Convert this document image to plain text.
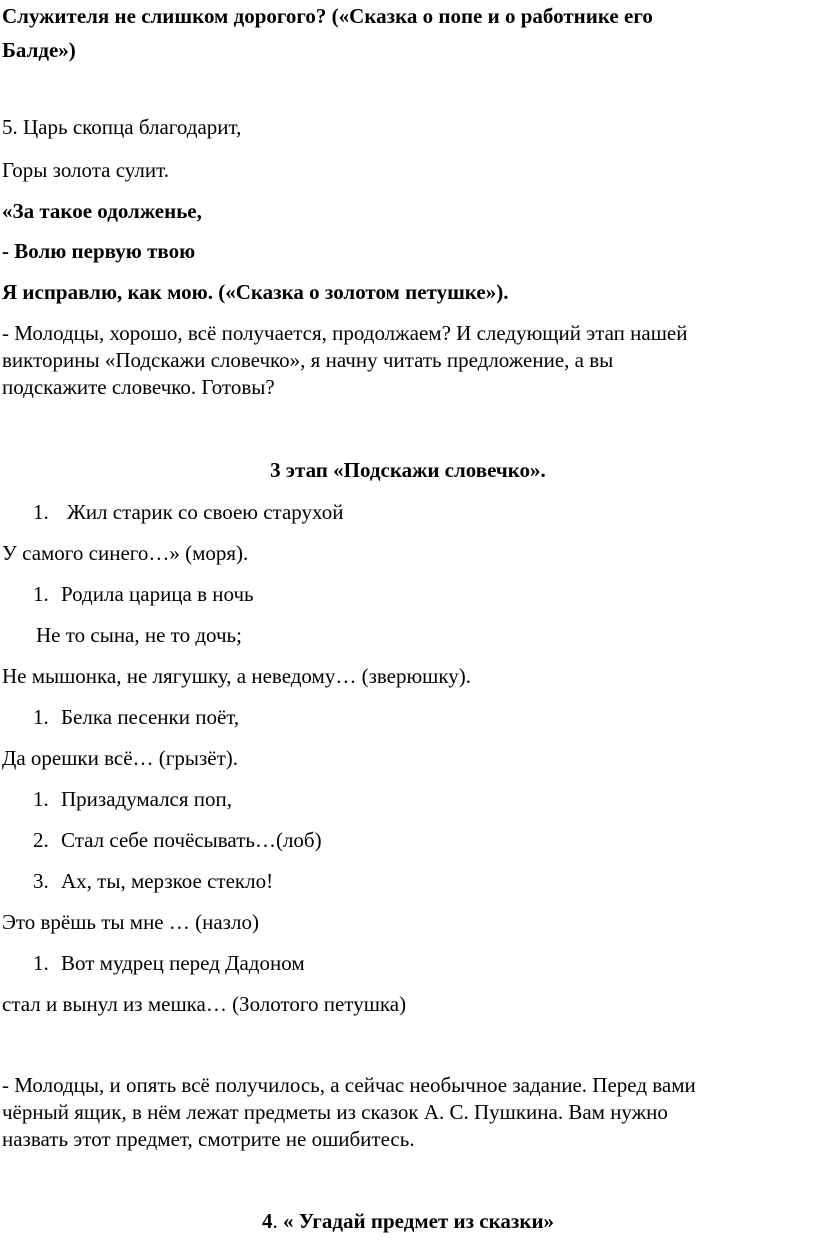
Служителя не слишком дорогого? («Сказка о попе и о работнике его
Балде»)
5. Царь скопца благодарит,
Горы золота сулит.
«За такое одолженье,
- Волю первую твою
Я исправлю, как мою. («Сказка о золотом петушке»).
- Молодцы, хорошо, всё получается, продолжаем? И следующий этап нашей
викторины «Подскажи словечко», я начну читать предложение, а вы
подскажите словечко. Готовы?
3 этап «Подскажи словечко».
1. Жил старик со своею старухой
У самого синего…» (моря).
1. Родила царица в ночь
Не то сына, не то дочь;
Не мышонка, не лягушку, а неведому… (зверюшку).
1. Белка песенки поёт,
Да орешки всё… (грызёт).
1. Призадумался поп,
2. Стал себе почёсывать…(лоб)
3. Ах, ты, мерзкое стекло!
Это врёшь ты мне … (назло)
1. Вот мудрец перед Дадоном
стал и вынул из мешка… (Золотого петушка)
- Молодцы, и опять всё получилось, а сейчас необычное задание. Перед вами
чёрный ящик, в нём лежат предметы из сказок А. С. Пушкина. Вам нужно
назвать этот предмет, смотрите не ошибитесь.
4. « Угадай предмет из сказки»
